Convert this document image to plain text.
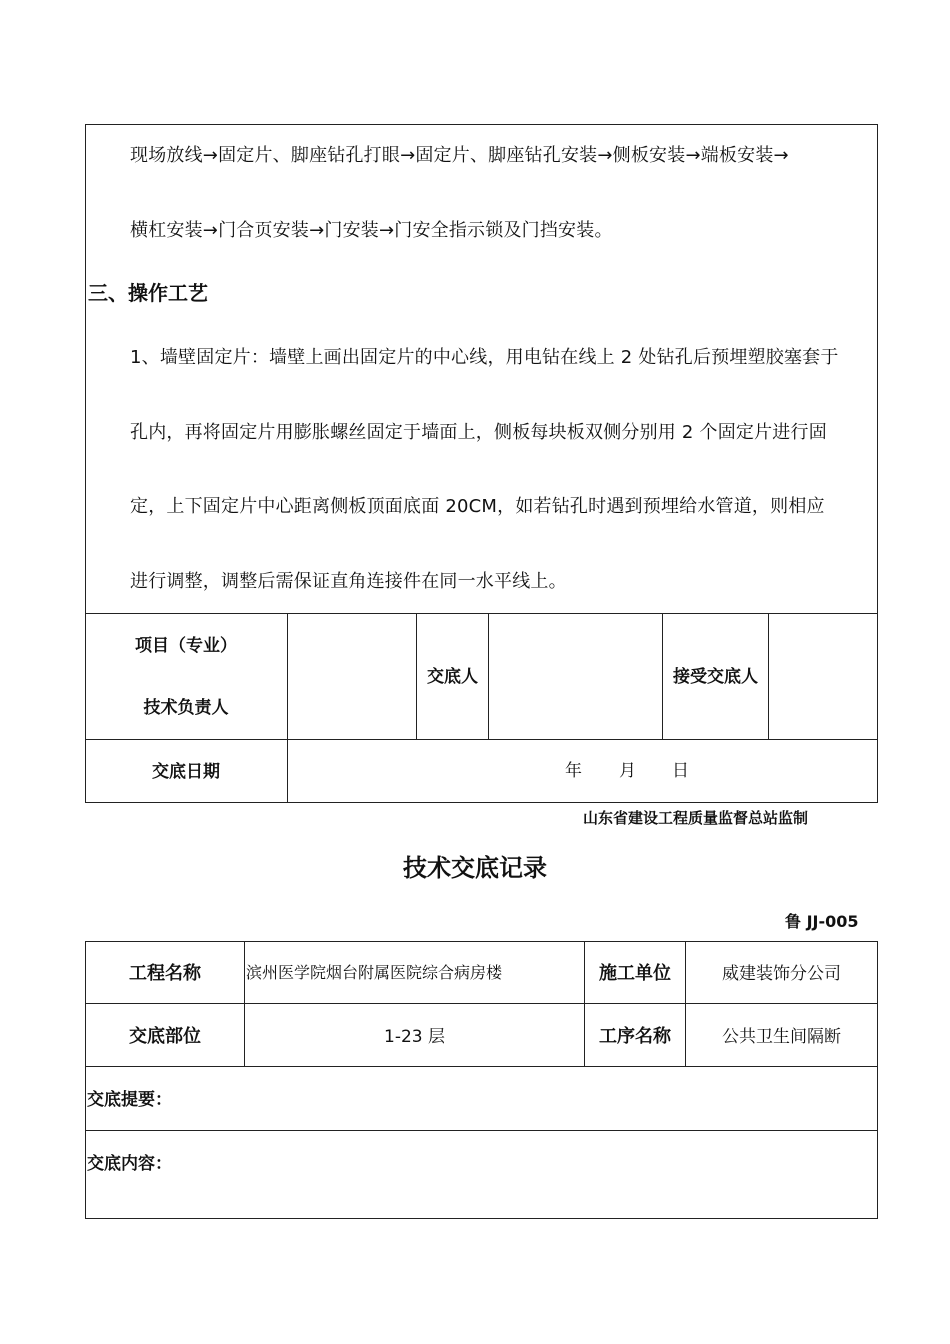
现场放线→固定片、脚座钻孔打眼→固定片、脚座钻孔安装→侧板安装→端板安装→
横杠安装→门合页安装→门安装→门安全指示锁及门挡安装。
三、操作工艺
1、墙壁固定片：墙壁上画出固定片的中心线，用电钻在线上 2 处钻孔后预埋塑胶塞套于
孔内，再将固定片用膨胀螺丝固定于墙面上，侧板每块板双侧分别用 2 个固定片进行固
定，上下固定片中心距离侧板顶面底面 20CM，如若钻孔时遇到预埋给水管道，则相应
进行调整，调整后需保证直角连接件在同一水平线上。
项目（专业）
技术负责人
交底人	接受交底人
交底日期	年 月 日
山东省建设工程质量监督总站监制
技术交底记录
鲁 JJ-005
工程名称	滨州医学院烟台附属医院综合病房楼	施工单位	威建装饰分公司
交底部位	1-23 层	工序名称	公共卫生间隔断
交底提要：
交底内容：
